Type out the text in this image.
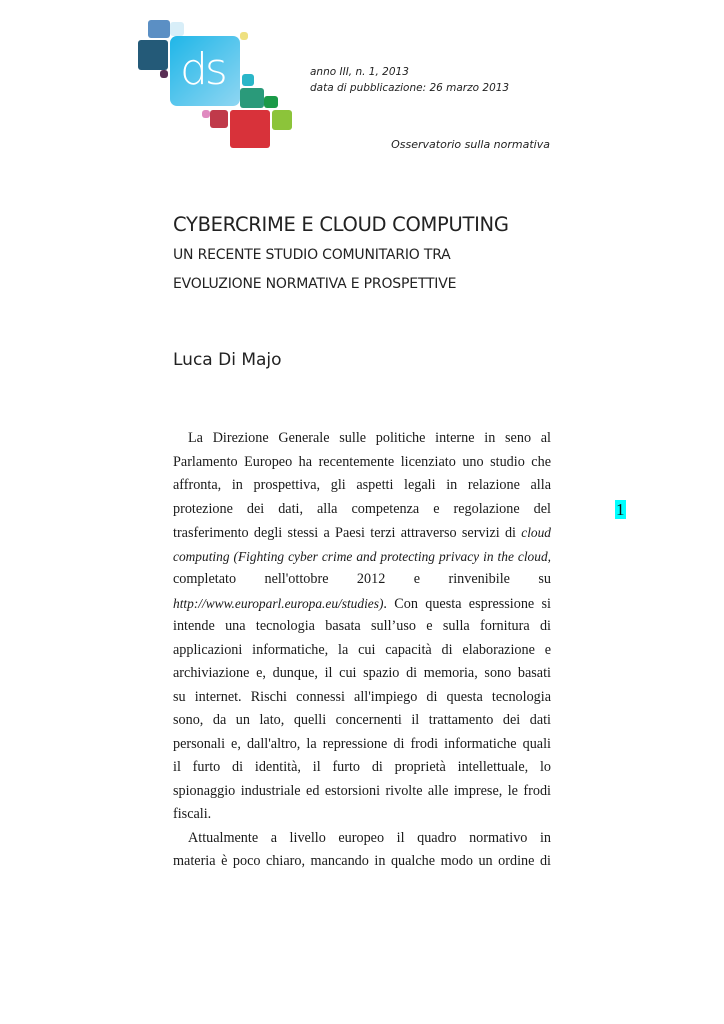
ds	anno III, n. 1, 2013
data di pubblicazione: 26 marzo 2013
Osservatorio sulla normativa
CYBERCRIME E CLOUD COMPUTING
UN RECENTE STUDIO COMUNITARIO TRA
EVOLUZIONE NORMATIVA E PROSPETTIVE
Luca Di Majo
La Direzione Generale sulle politiche interne in seno al
Parlamento Europeo ha recentemente licenziato uno studio che
affronta, in prospettiva, gli aspetti legali in relazione alla
protezione dei dati, alla competenza e regolazione del
trasferimento degli stessi a Paesi terzi attraverso servizi di cloud
computing (Fighting cyber crime and protecting privacy in the cloud,
completato nell'ottobre 2012 e rinvenibile su
http://www.europarl.europa.eu/studies). Con questa espressione si
intende una tecnologia basata sull’uso e sulla fornitura di
applicazioni informatiche, la cui capacità di elaborazione e
archiviazione e, dunque, il cui spazio di memoria, sono basati
su internet. Rischi connessi all'impiego di questa tecnologia
sono, da un lato, quelli concernenti il trattamento dei dati
personali e, dall'altro, la repressione di frodi informatiche quali
il furto di identità, il furto di proprietà intellettuale, lo
spionaggio industriale ed estorsioni rivolte alle imprese, le frodi
fiscali.
Attualmente a livello europeo il quadro normativo in
materia è poco chiaro, mancando in qualche modo un ordine di
1
